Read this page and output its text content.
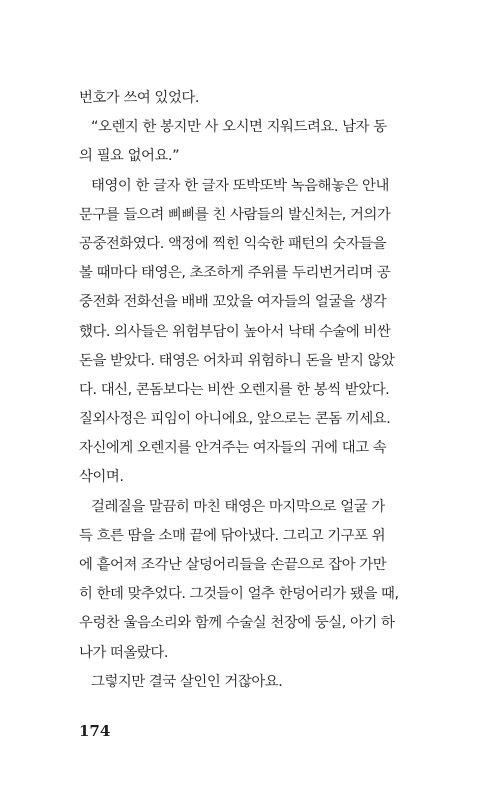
번호가 쓰여 있었다.
“오렌지 한 봉지만 사 오시면 지워드려요. 남자 동
의 필요 없어요.”
태영이 한 글자 한 글자 또박또박 녹음해놓은 안내
문구를 들으려 삐삐를 친 사람들의 발신처는, 거의가
공중전화였다. 액정에 찍힌 익숙한 패턴의 숫자들을
볼 때마다 태영은, 초조하게 주위를 두리번거리며 공
중전화 전화선을 배배 꼬았을 여자들의 얼굴을 생각
했다. 의사들은 위험부담이 높아서 낙태 수술에 비싼
돈을 받았다. 태영은 어차피 위험하니 돈을 받지 않았
다. 대신, 콘돔보다는 비싼 오렌지를 한 봉씩 받았다.
질외사정은 피임이 아니에요, 앞으로는 콘돔 끼세요.
자신에게 오렌지를 안겨주는 여자들의 귀에 대고 속
삭이며.
걸레질을 말끔히 마친 태영은 마지막으로 얼굴 가
득 흐른 땀을 소매 끝에 닦아냈다. 그리고 기구포 위
에 흩어져 조각난 살덩어리들을 손끝으로 잡아 가만
히 한데 맞추었다. 그것들이 얼추 한덩어리가 됐을 때,
우렁찬 울음소리와 함께 수술실 천장에 둥실, 아기 하
나가 떠올랐다.
그렇지만 결국 살인인 거잖아요.
174
